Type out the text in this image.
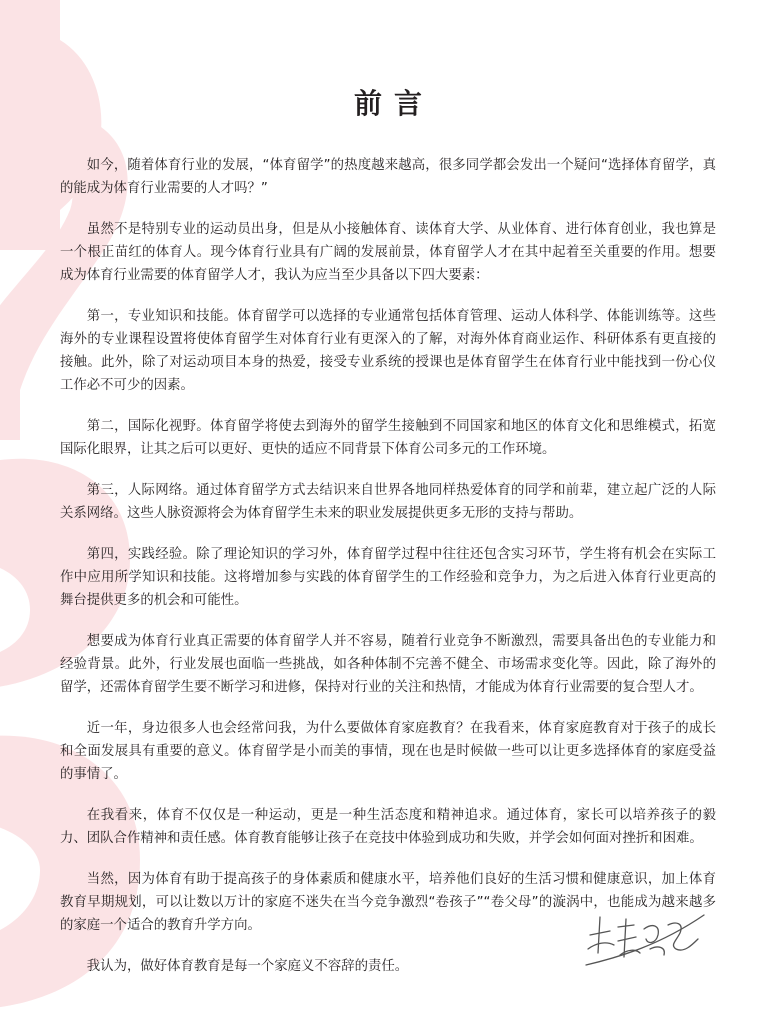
前言

如今，随着体育行业的发展，“体育留学”的热度越来越高，很多同学都会发出一个疑问“选择体育留学，真的能成为体育行业需要的人才吗？”

虽然不是特别专业的运动员出身，但是从小接触体育、读体育大学、从业体育、进行体育创业，我也算是一个根正苗红的体育人。现今体育行业具有广阔的发展前景，体育留学人才在其中起着至关重要的作用。想要成为体育行业需要的体育留学人才，我认为应当至少具备以下四大要素：

第一，专业知识和技能。体育留学可以选择的专业通常包括体育管理、运动人体科学、体能训练等。这些海外的专业课程设置将使体育留学生对体育行业有更深入的了解，对海外体育商业运作、科研体系有更直接的接触。此外，除了对运动项目本身的热爱，接受专业系统的授课也是体育留学生在体育行业中能找到一份心仪工作必不可少的因素。

第二，国际化视野。体育留学将使去到海外的留学生接触到不同国家和地区的体育文化和思维模式，拓宽国际化眼界，让其之后可以更好、更快的适应不同背景下体育公司多元的工作环境。

第三，人际网络。通过体育留学方式去结识来自世界各地同样热爱体育的同学和前辈，建立起广泛的人际关系网络。这些人脉资源将会为体育留学生未来的职业发展提供更多无形的支持与帮助。

第四，实践经验。除了理论知识的学习外，体育留学过程中往往还包含实习环节，学生将有机会在实际工作中应用所学知识和技能。这将增加参与实践的体育留学生的工作经验和竞争力，为之后进入体育行业更高的舞台提供更多的机会和可能性。

想要成为体育行业真正需要的体育留学人并不容易，随着行业竞争不断激烈，需要具备出色的专业能力和经验背景。此外，行业发展也面临一些挑战，如各种体制不完善不健全、市场需求变化等。因此，除了海外的留学，还需体育留学生要不断学习和进修，保持对行业的关注和热情，才能成为体育行业需要的复合型人才。

近一年，身边很多人也会经常问我，为什么要做体育家庭教育？在我看来，体育家庭教育对于孩子的成长和全面发展具有重要的意义。体育留学是小而美的事情，现在也是时候做一些可以让更多选择体育的家庭受益的事情了。

在我看来，体育不仅仅是一种运动，更是一种生活态度和精神追求。通过体育，家长可以培养孩子的毅力、团队合作精神和责任感。体育教育能够让孩子在竞技中体验到成功和失败，并学会如何面对挫折和困难。

当然，因为体育有助于提高孩子的身体素质和健康水平，培养他们良好的生活习惯和健康意识，加上体育教育早期规划，可以让数以万计的家庭不迷失在当今竞争激烈“卷孩子”“卷父母”的漩涡中，也能成为越来越多的家庭一个适合的教育升学方向。

我认为，做好体育教育是每一个家庭义不容辞的责任。
